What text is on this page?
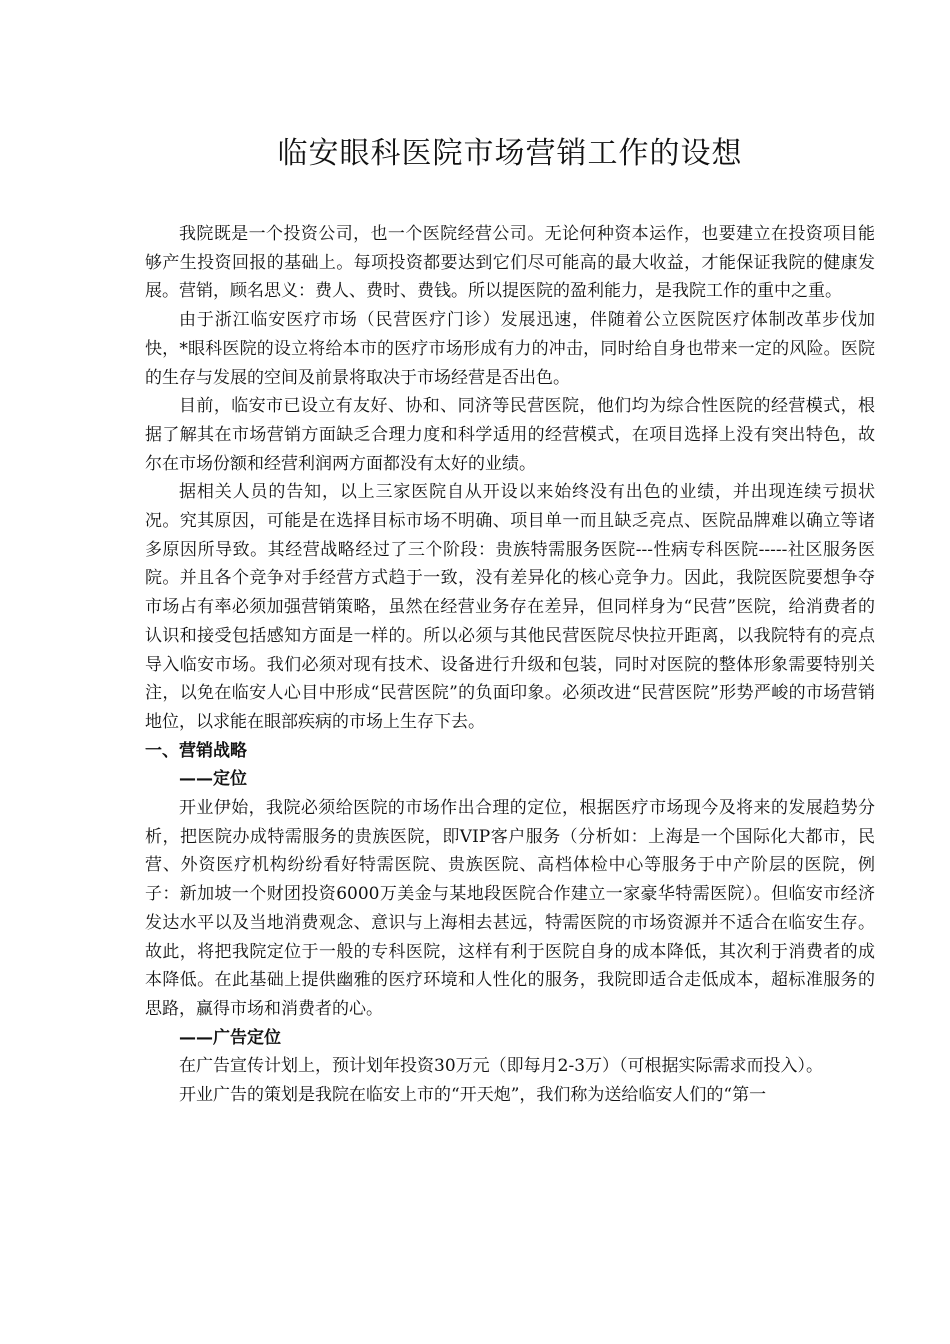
临安眼科医院市场营销工作的设想

我院既是一个投资公司，也一个医院经营公司。无论何种资本运作，也要建立在投资项目能够产生投资回报的基础上。每项投资都要达到它们尽可能高的最大收益，才能保证我院的健康发展。营销，顾名思义：费人、费时、费钱。所以提医院的盈利能力，是我院工作的重中之重。

由于浙江临安医疗市场（民营医疗门诊）发展迅速，伴随着公立医院医疗体制改革步伐加快，*眼科医院的设立将给本市的医疗市场形成有力的冲击，同时给自身也带来一定的风险。医院的生存与发展的空间及前景将取决于市场经营是否出色。

目前，临安市已设立有友好、协和、同济等民营医院，他们均为综合性医院的经营模式，根据了解其在市场营销方面缺乏合理力度和科学适用的经营模式，在项目选择上没有突出特色，故尔在市场份额和经营利润两方面都没有太好的业绩。

据相关人员的告知，以上三家医院自从开设以来始终没有出色的业绩，并出现连续亏损状况。究其原因，可能是在选择目标市场不明确、项目单一而且缺乏亮点、医院品牌难以确立等诸多原因所导致。其经营战略经过了三个阶段：贵族特需服务医院---性病专科医院-----社区服务医院。并且各个竞争对手经营方式趋于一致，没有差异化的核心竞争力。因此，我院医院要想争夺市场占有率必须加强营销策略，虽然在经营业务存在差异，但同样身为“民营”医院，给消费者的认识和接受包括感知方面是一样的。所以必须与其他民营医院尽快拉开距离，以我院特有的亮点导入临安市场。我们必须对现有技术、设备进行升级和包装，同时对医院的整体形象需要特别关注，以免在临安人心目中形成“民营医院”的负面印象。必须改进“民营医院”形势严峻的市场营销地位，以求能在眼部疾病的市场上生存下去。

一、营销战略

——定位

开业伊始，我院必须给医院的市场作出合理的定位，根据医疗市场现今及将来的发展趋势分析，把医院办成特需服务的贵族医院，即VIP客户服务（分析如：上海是一个国际化大都市，民营、外资医疗机构纷纷看好特需医院、贵族医院、高档体检中心等服务于中产阶层的医院，例子：新加坡一个财团投资6000万美金与某地段医院合作建立一家豪华特需医院）。但临安市经济发达水平以及当地消费观念、意识与上海相去甚远，特需医院的市场资源并不适合在临安生存。故此，将把我院定位于一般的专科医院，这样有利于医院自身的成本降低，其次利于消费者的成本降低。在此基础上提供幽雅的医疗环境和人性化的服务，我院即适合走低成本，超标准服务的思路，赢得市场和消费者的心。

——广告定位

在广告宣传计划上，预计划年投资30万元（即每月2-3万）（可根据实际需求而投入）。

开业广告的策划是我院在临安上市的“开天炮”，我们称为送给临安人们的“第一
